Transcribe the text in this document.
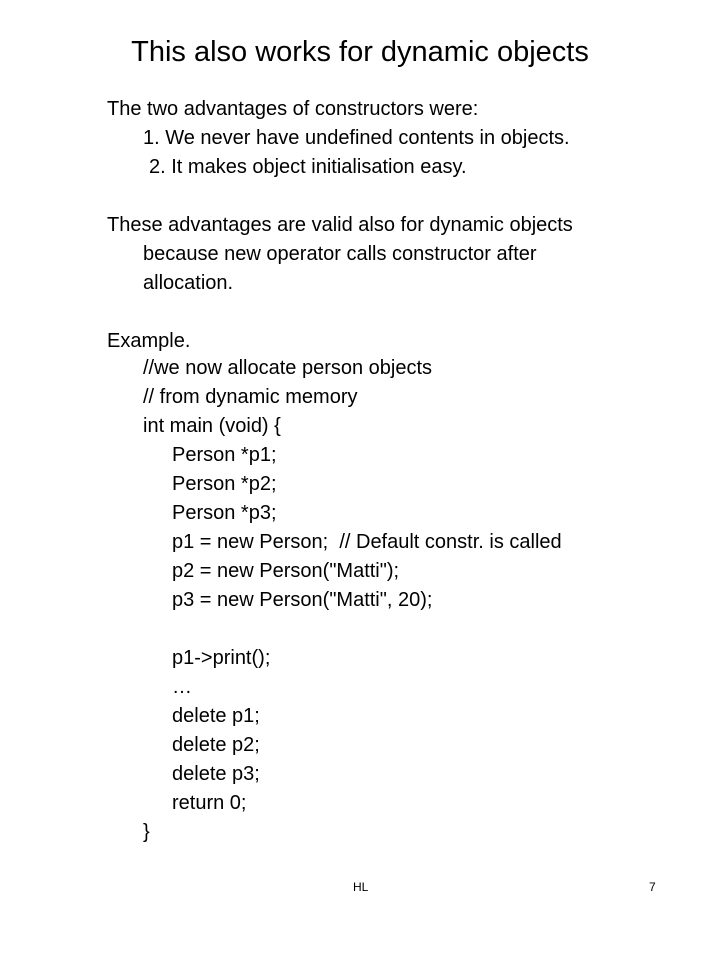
This also works for dynamic objects
The two advantages of constructors were:
1. We never have undefined contents in objects.
2. It makes object initialisation easy.
These advantages are valid also for dynamic objects
because new operator calls constructor after
allocation.
Example.
//we now allocate person objects
// from dynamic memory
int main (void) {
Person *p1;
Person *p2;
Person *p3;
p1 = new Person;  // Default constr. is called
p2 = new Person("Matti");
p3 = new Person("Matti", 20);
p1->print();
…
delete p1;
delete p2;
delete p3;
return 0;
}
HL	7
